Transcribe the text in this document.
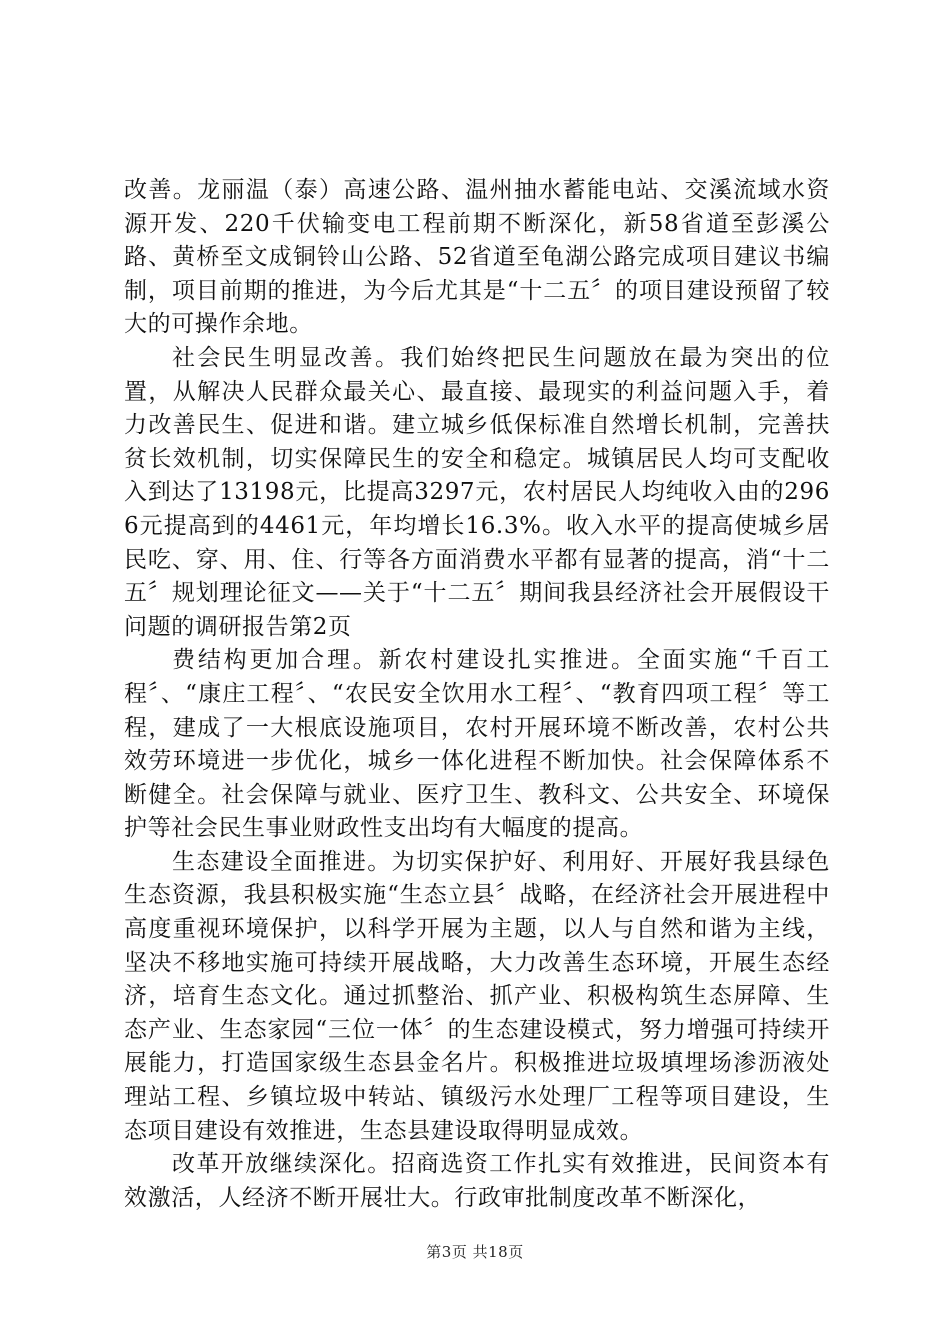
改善。龙丽温（泰）高速公路、温州抽水蓄能电站、交溪流域水资源开发、220千伏输变电工程前期不断深化，新58省道至彭溪公路、黄桥至文成铜铃山公路、52省道至龟湖公路完成项目建议书编制，项目前期的推进，为今后尤其是“十二五〞的项目建设预留了较大的可操作余地。

社会民生明显改善。我们始终把民生问题放在最为突出的位置，从解决人民群众最关心、最直接、最现实的利益问题入手，着力改善民生、促进和谐。建立城乡低保标准自然增长机制，完善扶贫长效机制，切实保障民生的安全和稳定。城镇居民人均可支配收入到达了13198元，比提高3297元，农村居民人均纯收入由的2966元提高到的4461元，年均增长16.3%。收入水平的提高使城乡居民吃、穿、用、住、行等各方面消费水平都有显著的提高，消“十二五〞规划理论征文——关于“十二五〞期间我县经济社会开展假设干问题的调研报告第2页

费结构更加合理。新农村建设扎实推进。全面实施“千百工程〞、“康庄工程〞、“农民安全饮用水工程〞、“教育四项工程〞等工程，建成了一大根底设施项目，农村开展环境不断改善，农村公共效劳环境进一步优化，城乡一体化进程不断加快。社会保障体系不断健全。社会保障与就业、医疗卫生、教科文、公共安全、环境保护等社会民生事业财政性支出均有大幅度的提高。

生态建设全面推进。为切实保护好、利用好、开展好我县绿色生态资源，我县积极实施“生态立县〞战略，在经济社会开展进程中高度重视环境保护，以科学开展为主题，以人与自然和谐为主线，坚决不移地实施可持续开展战略，大力改善生态环境，开展生态经济，培育生态文化。通过抓整治、抓产业、积极构筑生态屏障、生态产业、生态家园“三位一体〞的生态建设模式，努力增强可持续开展能力，打造国家级生态县金名片。积极推进垃圾填埋场渗沥液处理站工程、乡镇垃圾中转站、镇级污水处理厂工程等项目建设，生态项目建设有效推进，生态县建设取得明显成效。

改革开放继续深化。招商选资工作扎实有效推进，民间资本有效激活，人经济不断开展壮大。行政审批制度改革不断深化，

第3页 共18页
